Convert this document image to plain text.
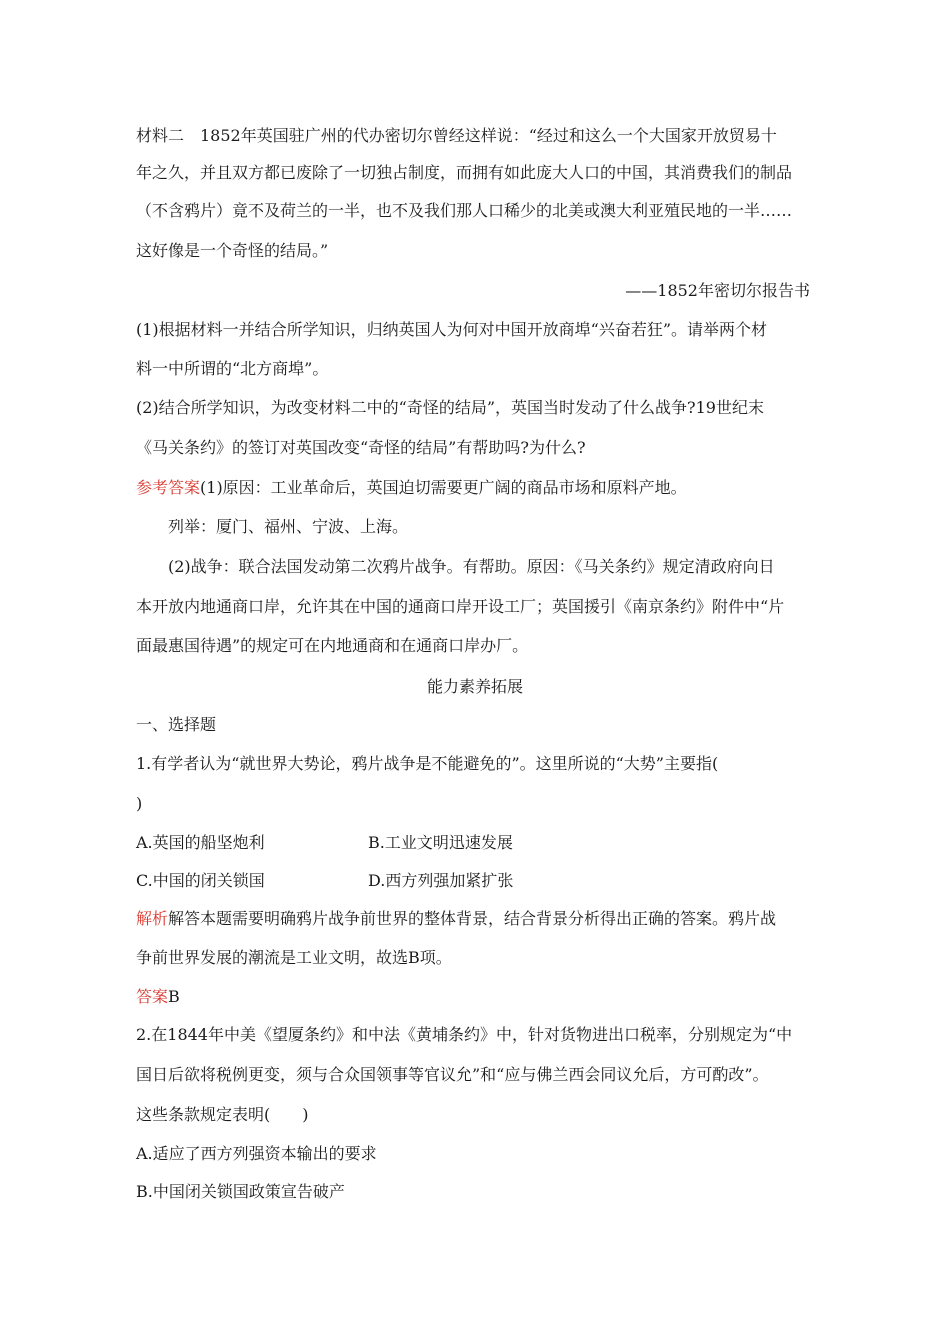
材料二　1852年英国驻广州的代办密切尔曾经这样说：“经过和这么一个大国家开放贸易十
年之久，并且双方都已废除了一切独占制度，而拥有如此庞大人口的中国，其消费我们的制品
（不含鸦片）竟不及荷兰的一半，也不及我们那人口稀少的北美或澳大利亚殖民地的一半……
这好像是一个奇怪的结局。”
——1852年密切尔报告书
(1)根据材料一并结合所学知识，归纳英国人为何对中国开放商埠“兴奋若狂”。请举两个材
料一中所谓的“北方商埠”。
(2)结合所学知识，为改变材料二中的“奇怪的结局”，英国当时发动了什么战争?19世纪末
《马关条约》的签订对英国改变“奇怪的结局”有帮助吗?为什么?
参考答案(1)原因：工业革命后，英国迫切需要更广阔的商品市场和原料产地。
列举：厦门、福州、宁波、上海。
(2)战争：联合法国发动第二次鸦片战争。有帮助。原因：《马关条约》规定清政府向日
本开放内地通商口岸，允许其在中国的通商口岸开设工厂；英国援引《南京条约》附件中“片
面最惠国待遇”的规定可在内地通商和在通商口岸办厂。
能力素养拓展
一、选择题
1.有学者认为“就世界大势论，鸦片战争是不能避免的”。这里所说的“大势”主要指(
)
A.英国的船坚炮利	B.工业文明迅速发展
C.中国的闭关锁国	D.西方列强加紧扩张
解析解答本题需要明确鸦片战争前世界的整体背景，结合背景分析得出正确的答案。鸦片战
争前世界发展的潮流是工业文明，故选B项。
答案B
2.在1844年中美《望厦条约》和中法《黄埔条约》中，针对货物进出口税率，分别规定为“中
国日后欲将税例更变，须与合众国领事等官议允”和“应与佛兰西会同议允后，方可酌改”。
这些条款规定表明(　　)
A.适应了西方列强资本输出的要求
B.中国闭关锁国政策宣告破产
